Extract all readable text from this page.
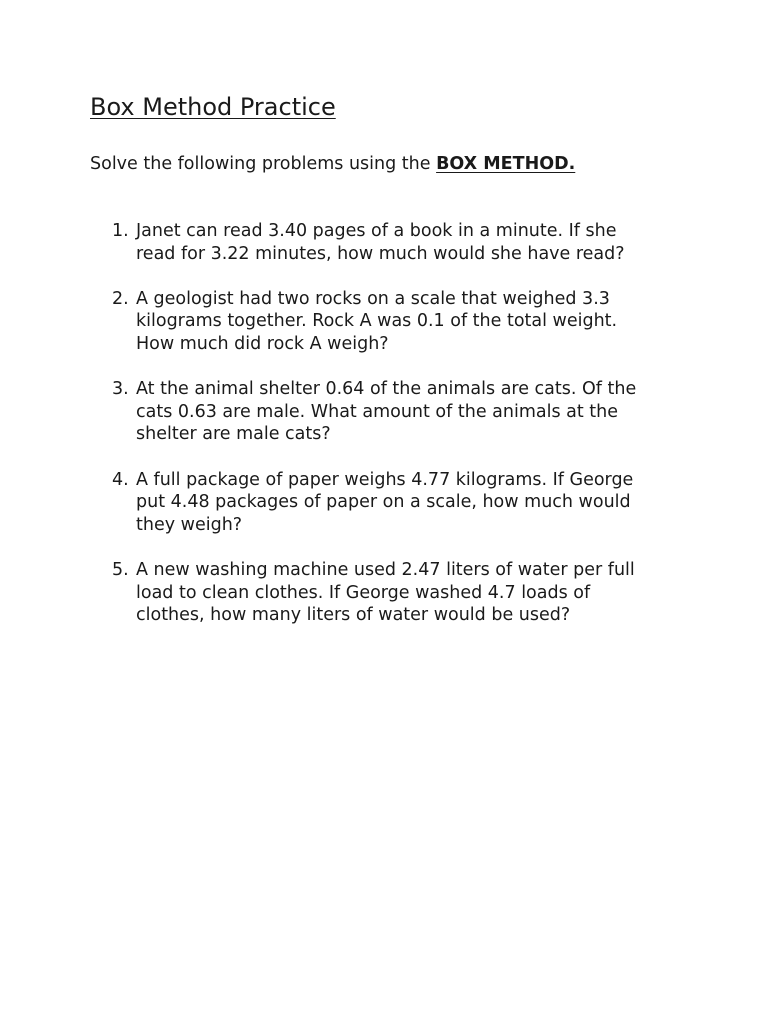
Box Method Practice

Solve the following problems using the BOX METHOD.

1. Janet can read 3.40 pages of a book in a minute. If she
read for 3.22 minutes, how much would she have read?
2. A geologist had two rocks on a scale that weighed 3.3
kilograms together. Rock A was 0.1 of the total weight.
How much did rock A weigh?
3. At the animal shelter 0.64 of the animals are cats. Of the
cats 0.63 are male. What amount of the animals at the
shelter are male cats?
4. A full package of paper weighs 4.77 kilograms. If George
put 4.48 packages of paper on a scale, how much would
they weigh?
5. A new washing machine used 2.47 liters of water per full
load to clean clothes. If George washed 4.7 loads of
clothes, how many liters of water would be used?
